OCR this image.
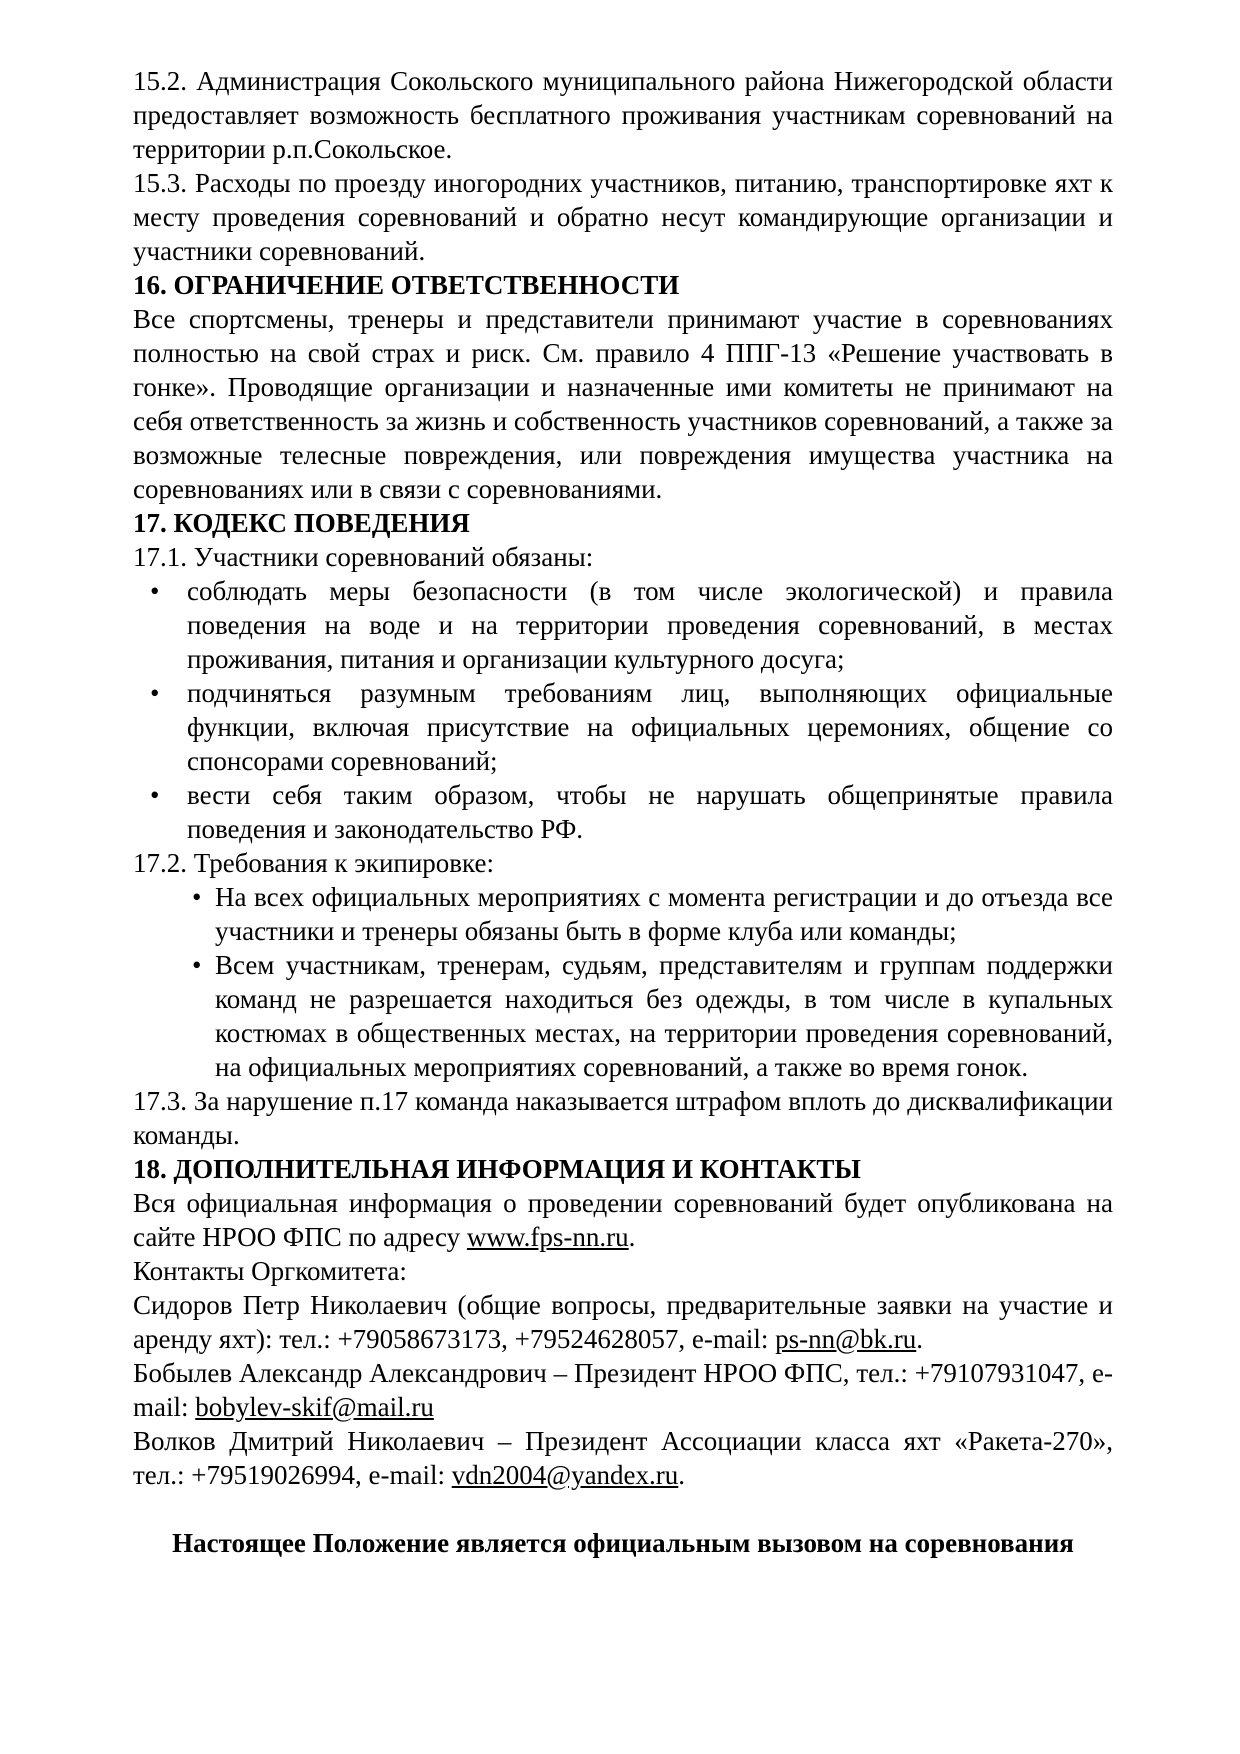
15.2. Администрация Сокольского муниципального района Нижегородской области предоставляет возможность бесплатного проживания участникам соревнований на территории р.п.Сокольское.

15.3. Расходы по проезду иногородних участников, питанию, транспортировке яхт к месту проведения соревнований и обратно несут командирующие организации и участники соревнований.

16. ОГРАНИЧЕНИЕ ОТВЕТСТВЕННОСТИ

Все спортсмены, тренеры и представители принимают участие в соревнованиях полностью на свой страх и риск. См. правило 4 ППГ-13 «Решение участвовать в гонке». Проводящие организации и назначенные ими комитеты не принимают на себя ответственность за жизнь и собственность участников соревнований, а также за возможные телесные повреждения, или повреждения имущества участника на соревнованиях или в связи с соревнованиями.

17. КОДЕКС ПОВЕДЕНИЯ

17.1. Участники соревнований обязаны:

• соблюдать меры безопасности (в том числе экологической) и правила поведения на воде и на территории проведения соревнований, в местах проживания, питания и организации культурного досуга;
• подчиняться разумным требованиям лиц, выполняющих официальные функции, включая присутствие на официальных церемониях, общение со спонсорами соревнований;
• вести себя таким образом, чтобы не нарушать общепринятые правила поведения и законодательство РФ.

17.2. Требования к экипировке:

• На всех официальных мероприятиях с момента регистрации и до отъезда все участники и тренеры обязаны быть в форме клуба или команды;
• Всем участникам, тренерам, судьям, представителям и группам поддержки команд не разрешается находиться без одежды, в том числе в купальных костюмах в общественных местах, на территории проведения соревнований, на официальных мероприятиях соревнований, а также во время гонок.

17.3. За нарушение п.17 команда наказывается штрафом вплоть до дисквалификации команды.

18. ДОПОЛНИТЕЛЬНАЯ ИНФОРМАЦИЯ И КОНТАКТЫ

Вся официальная информация о проведении соревнований будет опубликована на сайте НРОО ФПС по адресу www.fps-nn.ru.

Контакты Оргкомитета:

Сидоров Петр Николаевич (общие вопросы, предварительные заявки на участие и аренду яхт): тел.: +79058673173, +79524628057, e-mail: ps-nn@bk.ru.

Бобылев Александр Александрович – Президент НРОО ФПС, тел.: +79107931047, e-mail: bobylev-skif@mail.ru

Волков Дмитрий Николаевич – Президент Ассоциации класса яхт «Ракета-270», тел.: +79519026994, e-mail: vdn2004@yandex.ru.

Настоящее Положение является официальным вызовом на соревнования
